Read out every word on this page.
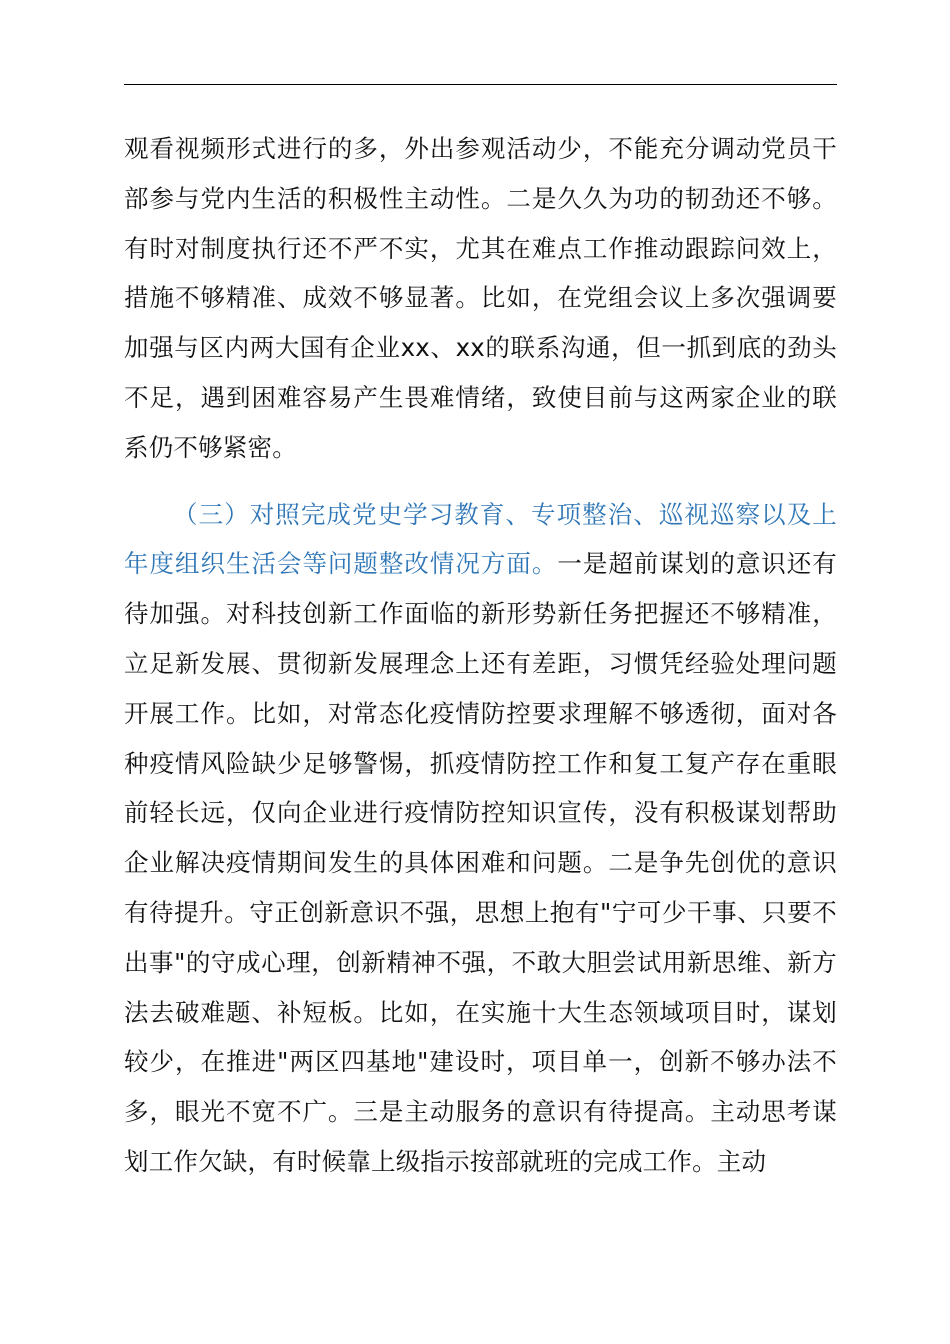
观看视频形式进行的多，外出参观活动少，不能充分调动党员干部参与党内生活的积极性主动性。二是久久为功的韧劲还不够。有时对制度执行还不严不实，尤其在难点工作推动跟踪问效上，措施不够精准、成效不够显著。比如，在党组会议上多次强调要加强与区内两大国有企业xx、xx的联系沟通，但一抓到底的劲头不足，遇到困难容易产生畏难情绪，致使目前与这两家企业的联系仍不够紧密。

（三）对照完成党史学习教育、专项整治、巡视巡察以及上年度组织生活会等问题整改情况方面。一是超前谋划的意识还有待加强。对科技创新工作面临的新形势新任务把握还不够精准，立足新发展、贯彻新发展理念上还有差距，习惯凭经验处理问题开展工作。比如，对常态化疫情防控要求理解不够透彻，面对各种疫情风险缺少足够警惕，抓疫情防控工作和复工复产存在重眼前轻长远，仅向企业进行疫情防控知识宣传，没有积极谋划帮助企业解决疫情期间发生的具体困难和问题。二是争先创优的意识有待提升。守正创新意识不强，思想上抱有"宁可少干事、只要不出事"的守成心理，创新精神不强，不敢大胆尝试用新思维、新方法去破难题、补短板。比如，在实施十大生态领域项目时，谋划较少，在推进"两区四基地"建设时，项目单一，创新不够办法不多，眼光不宽不广。三是主动服务的意识有待提高。主动思考谋划工作欠缺，有时候靠上级指示按部就班的完成工作。主动
